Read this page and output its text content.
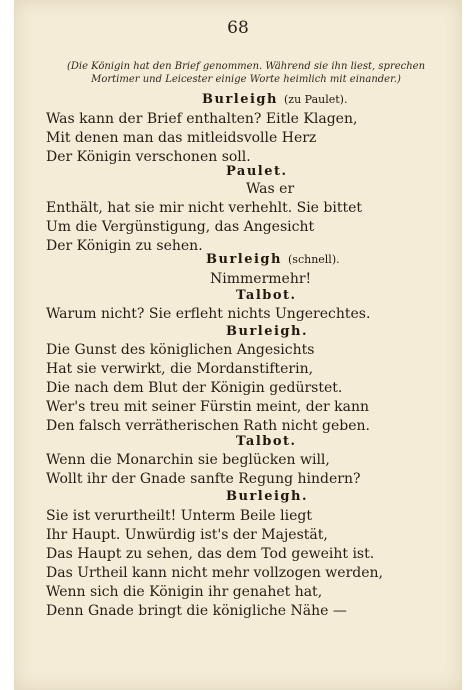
68
(Die Königin hat den Brief genommen. Während sie ihn liest, sprechen Mortimer und Leicester einige Worte heimlich mit einander.)
Burleigh (zu Paulet).
Was kann der Brief enthalten? Eitle Klagen,
Mit denen man das mitleidsvolle Herz
Der Königin verschonen soll.
Paulet.
Was er
Enthält, hat sie mir nicht verhehlt. Sie bittet
Um die Vergünstigung, das Angesicht
Der Königin zu sehen.
Burleigh (schnell).
Nimmermehr!
Talbot.
Warum nicht? Sie erfleht nichts Ungerechtes.
Burleigh.
Die Gunst des königlichen Angesichts
Hat sie verwirkt, die Mordanstifterin,
Die nach dem Blut der Königin gedürstet.
Wer's treu mit seiner Fürstin meint, der kann
Den falsch verrätherischen Rath nicht geben.
Talbot.
Wenn die Monarchin sie beglücken will,
Wollt ihr der Gnade sanfte Regung hindern?
Burleigh.
Sie ist verurtheilt! Unterm Beile liegt
Ihr Haupt. Unwürdig ist's der Majestät,
Das Haupt zu sehen, das dem Tod geweiht ist.
Das Urtheil kann nicht mehr vollzogen werden,
Wenn sich die Königin ihr genahet hat,
Denn Gnade bringt die königliche Nähe —
